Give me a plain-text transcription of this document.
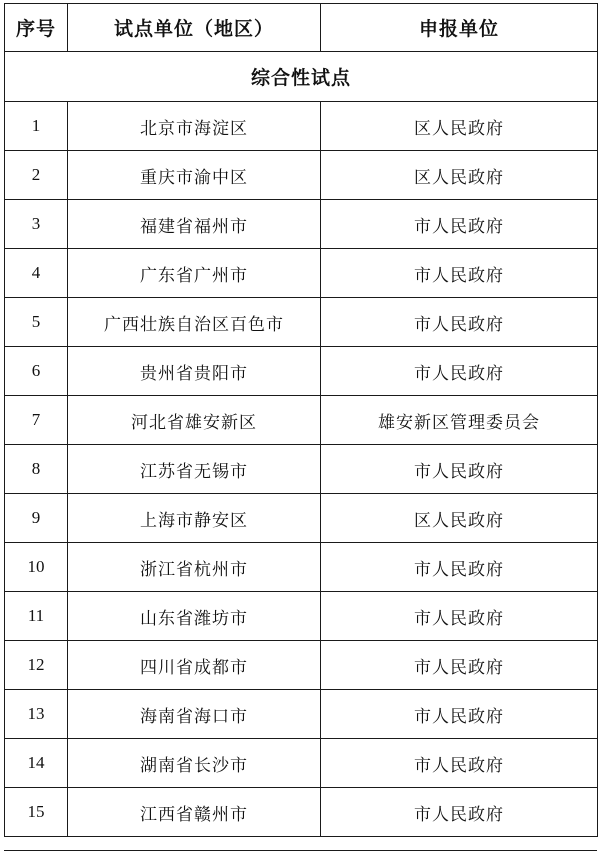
序号	试点单位（地区）	申报单位
综合性试点		
1	北京市海淀区	区人民政府
2	重庆市渝中区	区人民政府
3	福建省福州市	市人民政府
4	广东省广州市	市人民政府
5	广西壮族自治区百色市	市人民政府
6	贵州省贵阳市	市人民政府
7	河北省雄安新区	雄安新区管理委员会
8	江苏省无锡市	市人民政府
9	上海市静安区	区人民政府
10	浙江省杭州市	市人民政府
11	山东省潍坊市	市人民政府
12	四川省成都市	市人民政府
13	海南省海口市	市人民政府
14	湖南省长沙市	市人民政府
15	江西省赣州市	市人民政府
